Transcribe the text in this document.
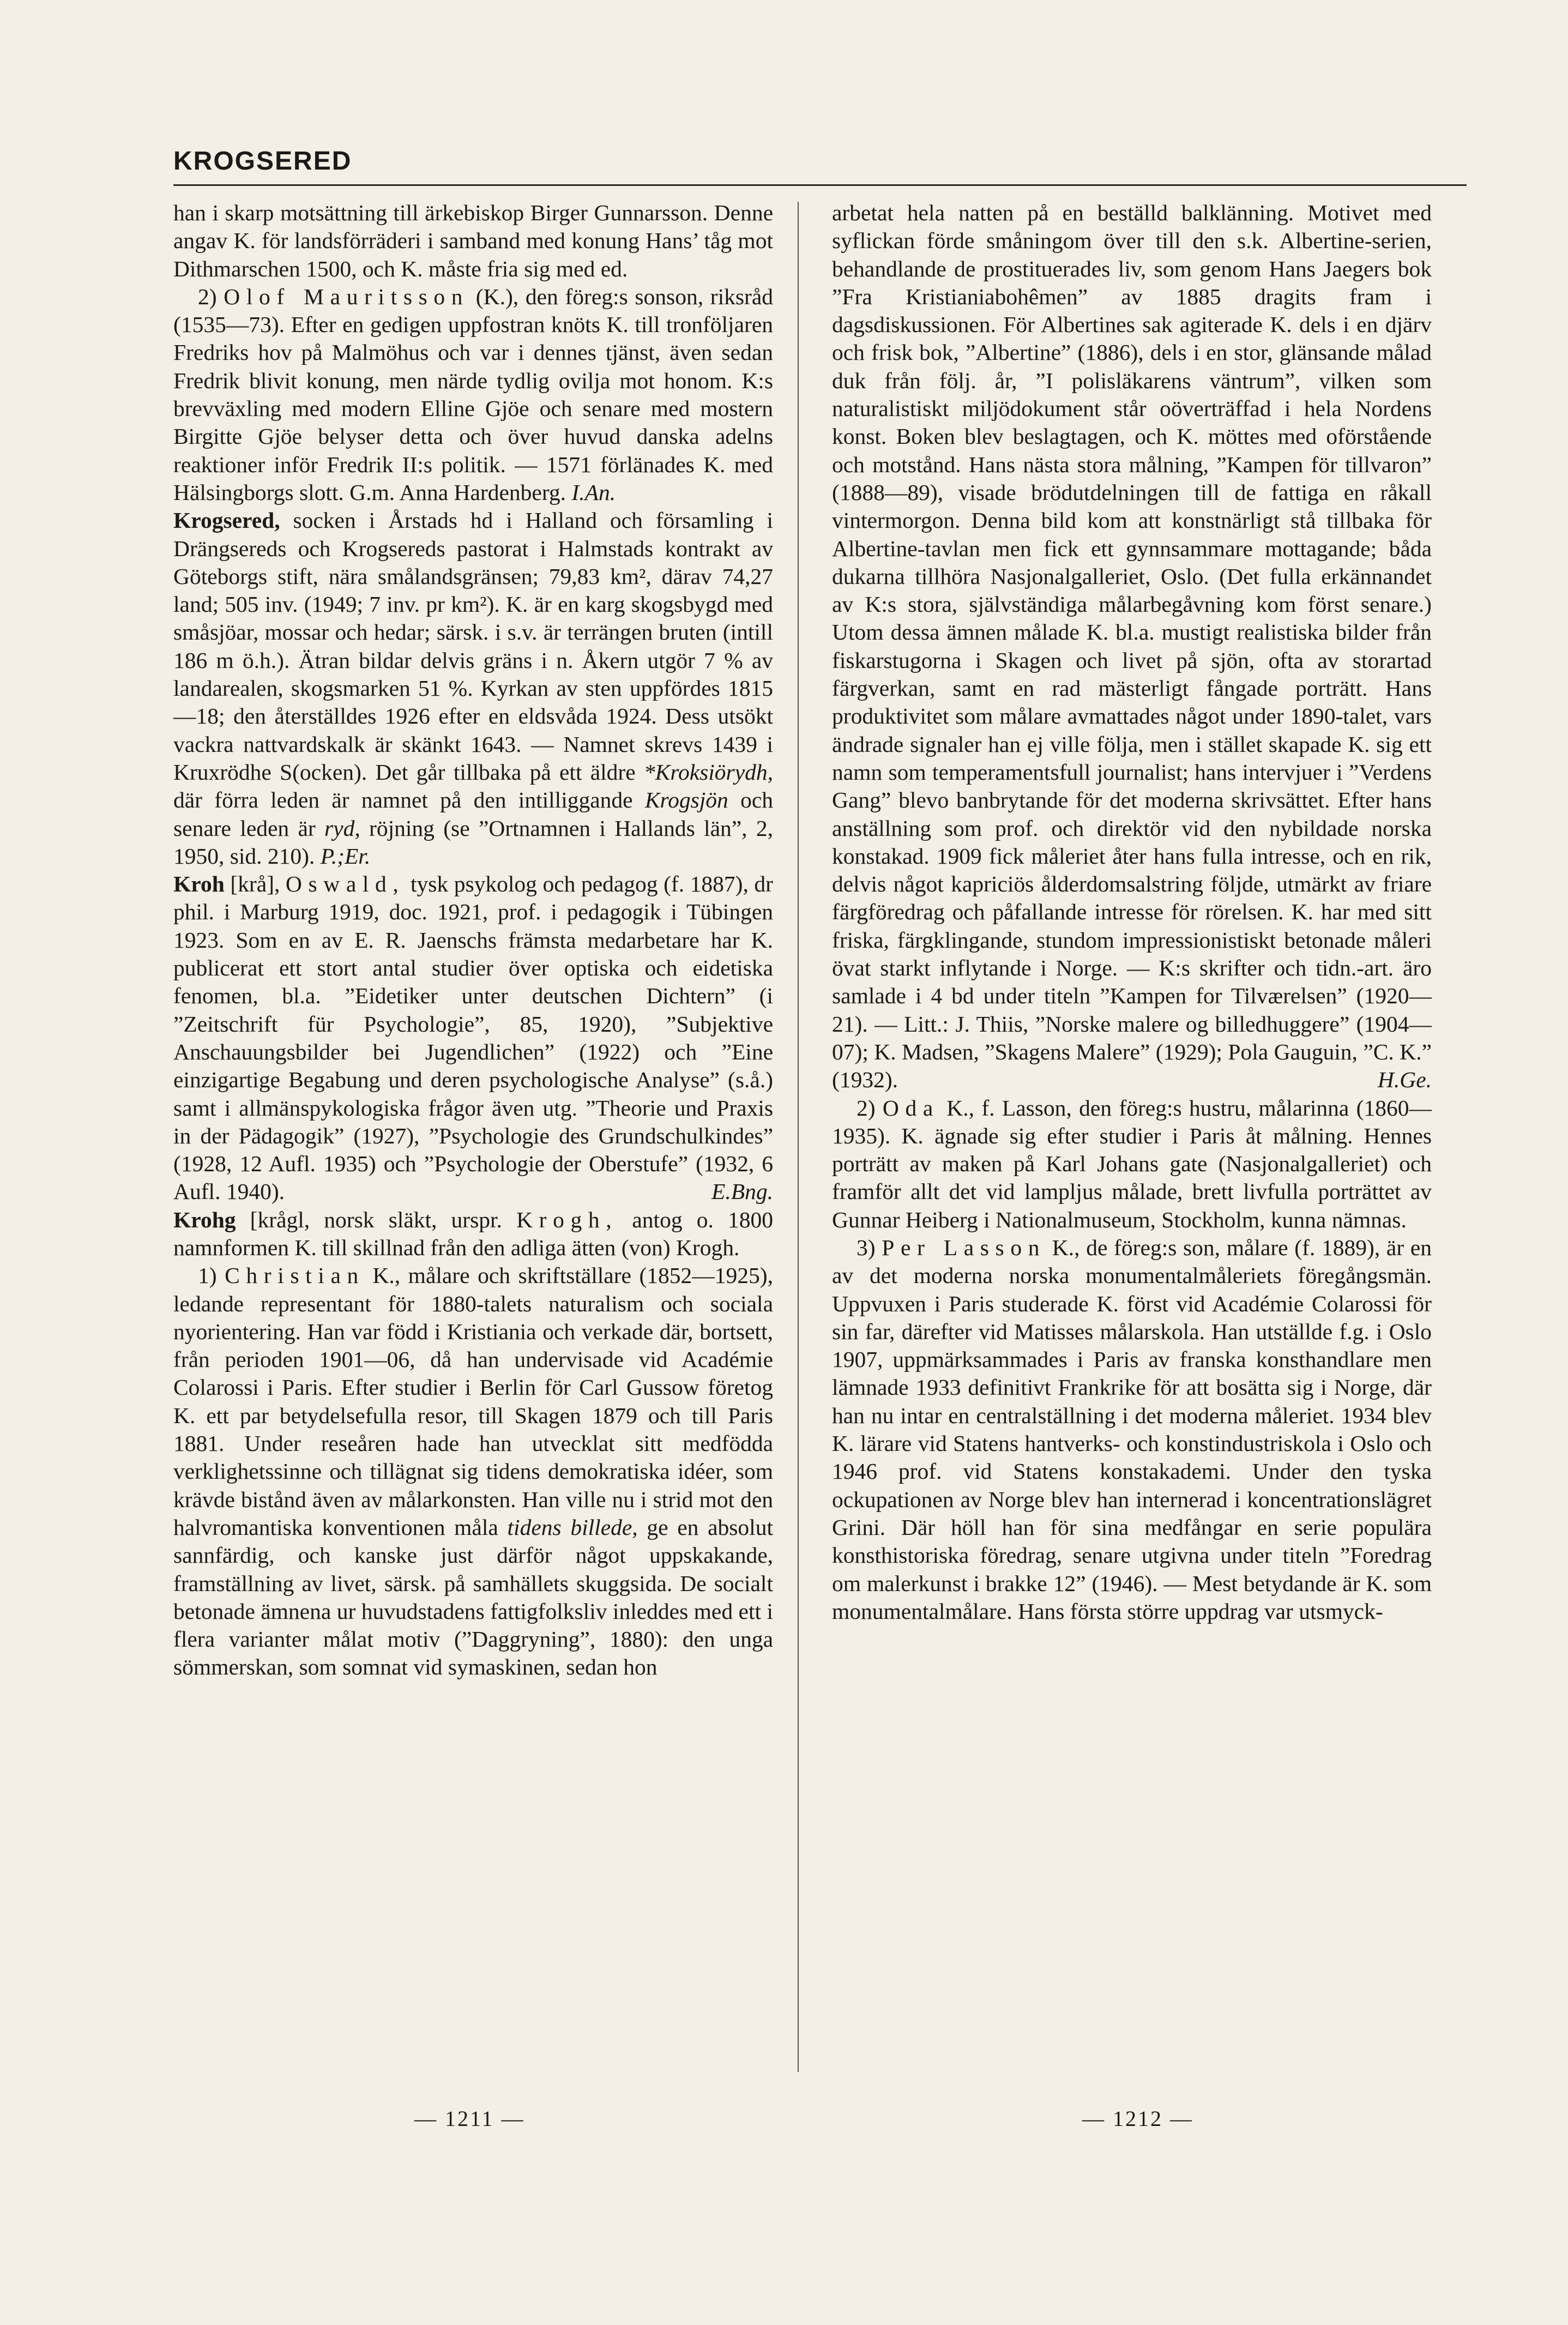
KROGSERED

han i skarp motsättning till ärkebiskop Birger Gunnarsson. Denne angav K. för landsförräderi i samband med konung Hans’ tåg mot Dithmarschen 1500, och K. måste fria sig med ed.

2) Olof Mauritsson (K.), den föreg:s sonson, riksråd (1535—73). Efter en gedigen uppfostran knöts K. till tronföljaren Fredriks hov på Malmöhus och var i dennes tjänst, även sedan Fredrik blivit konung, men närde tydlig ovilja mot honom. K:s brevväxling med modern Elline Gjöe och senare med mostern Birgitte Gjöe belyser detta och över huvud danska adelns reaktioner inför Fredrik II:s politik. — 1571 förlänades K. med Hälsingborgs slott. G.m. Anna Hardenberg. I.An.

Krogsered, socken i Årstads hd i Halland och församling i Drängsereds och Krogsereds pastorat i Halmstads kontrakt av Göteborgs stift, nära smålandsgränsen; 79,83 km², därav 74,27 land; 505 inv. (1949; 7 inv. pr km²). K. är en karg skogsbygd med småsjöar, mossar och hedar; särsk. i s.v. är terrängen bruten (intill 186 m ö.h.). Ätran bildar delvis gräns i n. Åkern utgör 7 % av landarealen, skogsmarken 51 %. Kyrkan av sten uppfördes 1815—18; den återställdes 1926 efter en eldsvåda 1924. Dess utsökt vackra nattvardskalk är skänkt 1643. — Namnet skrevs 1439 i Kruxrödhe S(ocken). Det går tillbaka på ett äldre *Kroksiörydh, där förra leden är namnet på den intilliggande Krogsjön och senare leden är ryd, röjning (se ”Ortnamnen i Hallands län”, 2, 1950, sid. 210). P.;Er.

Kroh [krå], Oswald, tysk psykolog och pedagog (f. 1887), dr phil. i Marburg 1919, doc. 1921, prof. i pedagogik i Tübingen 1923. Som en av E. R. Jaenschs främsta medarbetare har K. publicerat ett stort antal studier över optiska och eidetiska fenomen, bl.a. ”Eidetiker unter deutschen Dichtern” (i ”Zeitschrift für Psychologie”, 85, 1920), ”Subjektive Anschauungsbilder bei Jugendlichen” (1922) och ”Eine einzigartige Begabung und deren psychologische Analyse” (s.å.) samt i allmänspykologiska frågor även utg. ”Theorie und Praxis in der Pädagogik” (1927), ”Psychologie des Grundschulkindes” (1928, 12 Aufl. 1935) och ”Psychologie der Oberstufe” (1932, 6 Aufl. 1940).	E.Bng.

Krohg [krågl, norsk släkt, urspr. Krogh, antog o. 1800 namnformen K. till skillnad från den adliga ätten (von) Krogh.

1) Christian K., målare och skriftställare (1852—1925), ledande representant för 1880-talets naturalism och sociala nyorientering. Han var född i Kristiania och verkade där, bortsett, från perioden 1901—06, då han undervisade vid Académie Colarossi i Paris. Efter studier i Berlin för Carl Gussow företog K. ett par betydelsefulla resor, till Skagen 1879 och till Paris 1881. Under reseåren hade han utvecklat sitt medfödda verklighetssinne och tillägnat sig tidens demokratiska idéer, som krävde bistånd även av målarkonsten. Han ville nu i strid mot den halvromantiska konventionen måla tidens billede, ge en absolut sannfärdig, och kanske just därför något uppskakande, framställning av livet, särsk. på samhällets skuggsida. De socialt betonade ämnena ur huvudstadens fattigfolksliv inleddes med ett i flera varianter målat motiv (”Daggryning”, 1880): den unga sömmerskan, som somnat vid symaskinen, sedan hon

arbetat hela natten på en beställd balklänning. Motivet med syflickan förde småningom över till den s.k. Albertine-serien, behandlande de prostituerades liv, som genom Hans Jaegers bok ”Fra Kristianiabohêmen” av 1885 dragits fram i dagsdiskussionen. För Albertines sak agiterade K. dels i en djärv och frisk bok, ”Albertine” (1886), dels i en stor, glänsande målad duk från följ. år, ”I polisläkarens väntrum”, vilken som naturalistiskt miljödokument står oöverträffad i hela Nordens konst. Boken blev beslagtagen, och K. möttes med oförstående och motstånd. Hans nästa stora målning, ”Kampen för tillvaron” (1888—89), visade brödutdelningen till de fattiga en råkall vintermorgon. Denna bild kom att konstnärligt stå tillbaka för Albertine-tavlan men fick ett gynnsammare mottagande; båda dukarna tillhöra Nasjonalgalleriet, Oslo. (Det fulla erkännandet av K:s stora, självständiga målarbegåvning kom först senare.) Utom dessa ämnen målade K. bl.a. mustigt realistiska bilder från fiskarstugorna i Skagen och livet på sjön, ofta av storartad färgverkan, samt en rad mästerligt fångade porträtt. Hans produktivitet som målare avmattades något under 1890-talet, vars ändrade signaler han ej ville följa, men i stället skapade K. sig ett namn som temperamentsfull journalist; hans intervjuer i ”Verdens Gang” blevo banbrytande för det moderna skrivsättet. Efter hans anställning som prof. och direktör vid den nybildade norska konstakad. 1909 fick måleriet åter hans fulla intresse, och en rik, delvis något kapriciös ålderdomsalstring följde, utmärkt av friare färgföredrag och påfallande intresse för rörelsen. K. har med sitt friska, färgklingande, stundom impressionistiskt betonade måleri övat starkt inflytande i Norge. — K:s skrifter och tidn.-art. äro samlade i 4 bd under titeln ”Kampen for Tilværelsen” (1920—21). — Litt.: J. Thiis, ”Norske malere og billedhuggere” (1904—07); K. Madsen, ”Skagens Malere” (1929); Pola Gauguin, ”C. K.” (1932).	H.Ge.

2) Oda K., f. Lasson, den föreg:s hustru, målarinna (1860—1935). K. ägnade sig efter studier i Paris åt målning. Hennes porträtt av maken på Karl Johans gate (Nasjonalgalleriet) och framför allt det vid lampljus målade, brett livfulla porträttet av Gunnar Heiberg i Nationalmuseum, Stockholm, kunna nämnas.

3) Per Lasson K., de föreg:s son, målare (f. 1889), är en av det moderna norska monumentalmåleriets föregångsmän. Uppvuxen i Paris studerade K. först vid Académie Colarossi för sin far, därefter vid Matisses målarskola. Han utställde f.g. i Oslo 1907, uppmärksammades i Paris av franska konsthandlare men lämnade 1933 definitivt Frankrike för att bosätta sig i Norge, där han nu intar en centralställning i det moderna måleriet. 1934 blev K. lärare vid Statens hantverks- och konstindustriskola i Oslo och 1946 prof. vid Statens konstakademi. Under den tyska ockupationen av Norge blev han internerad i koncentrationslägret Grini. Där höll han för sina medfångar en serie populära konsthistoriska föredrag, senare utgivna under titeln ”Foredrag om malerkunst i brakke 12” (1946). — Mest betydande är K. som monumentalmålare. Hans första större uppdrag var utsmyck-

— 1211 —	— 1212 —
